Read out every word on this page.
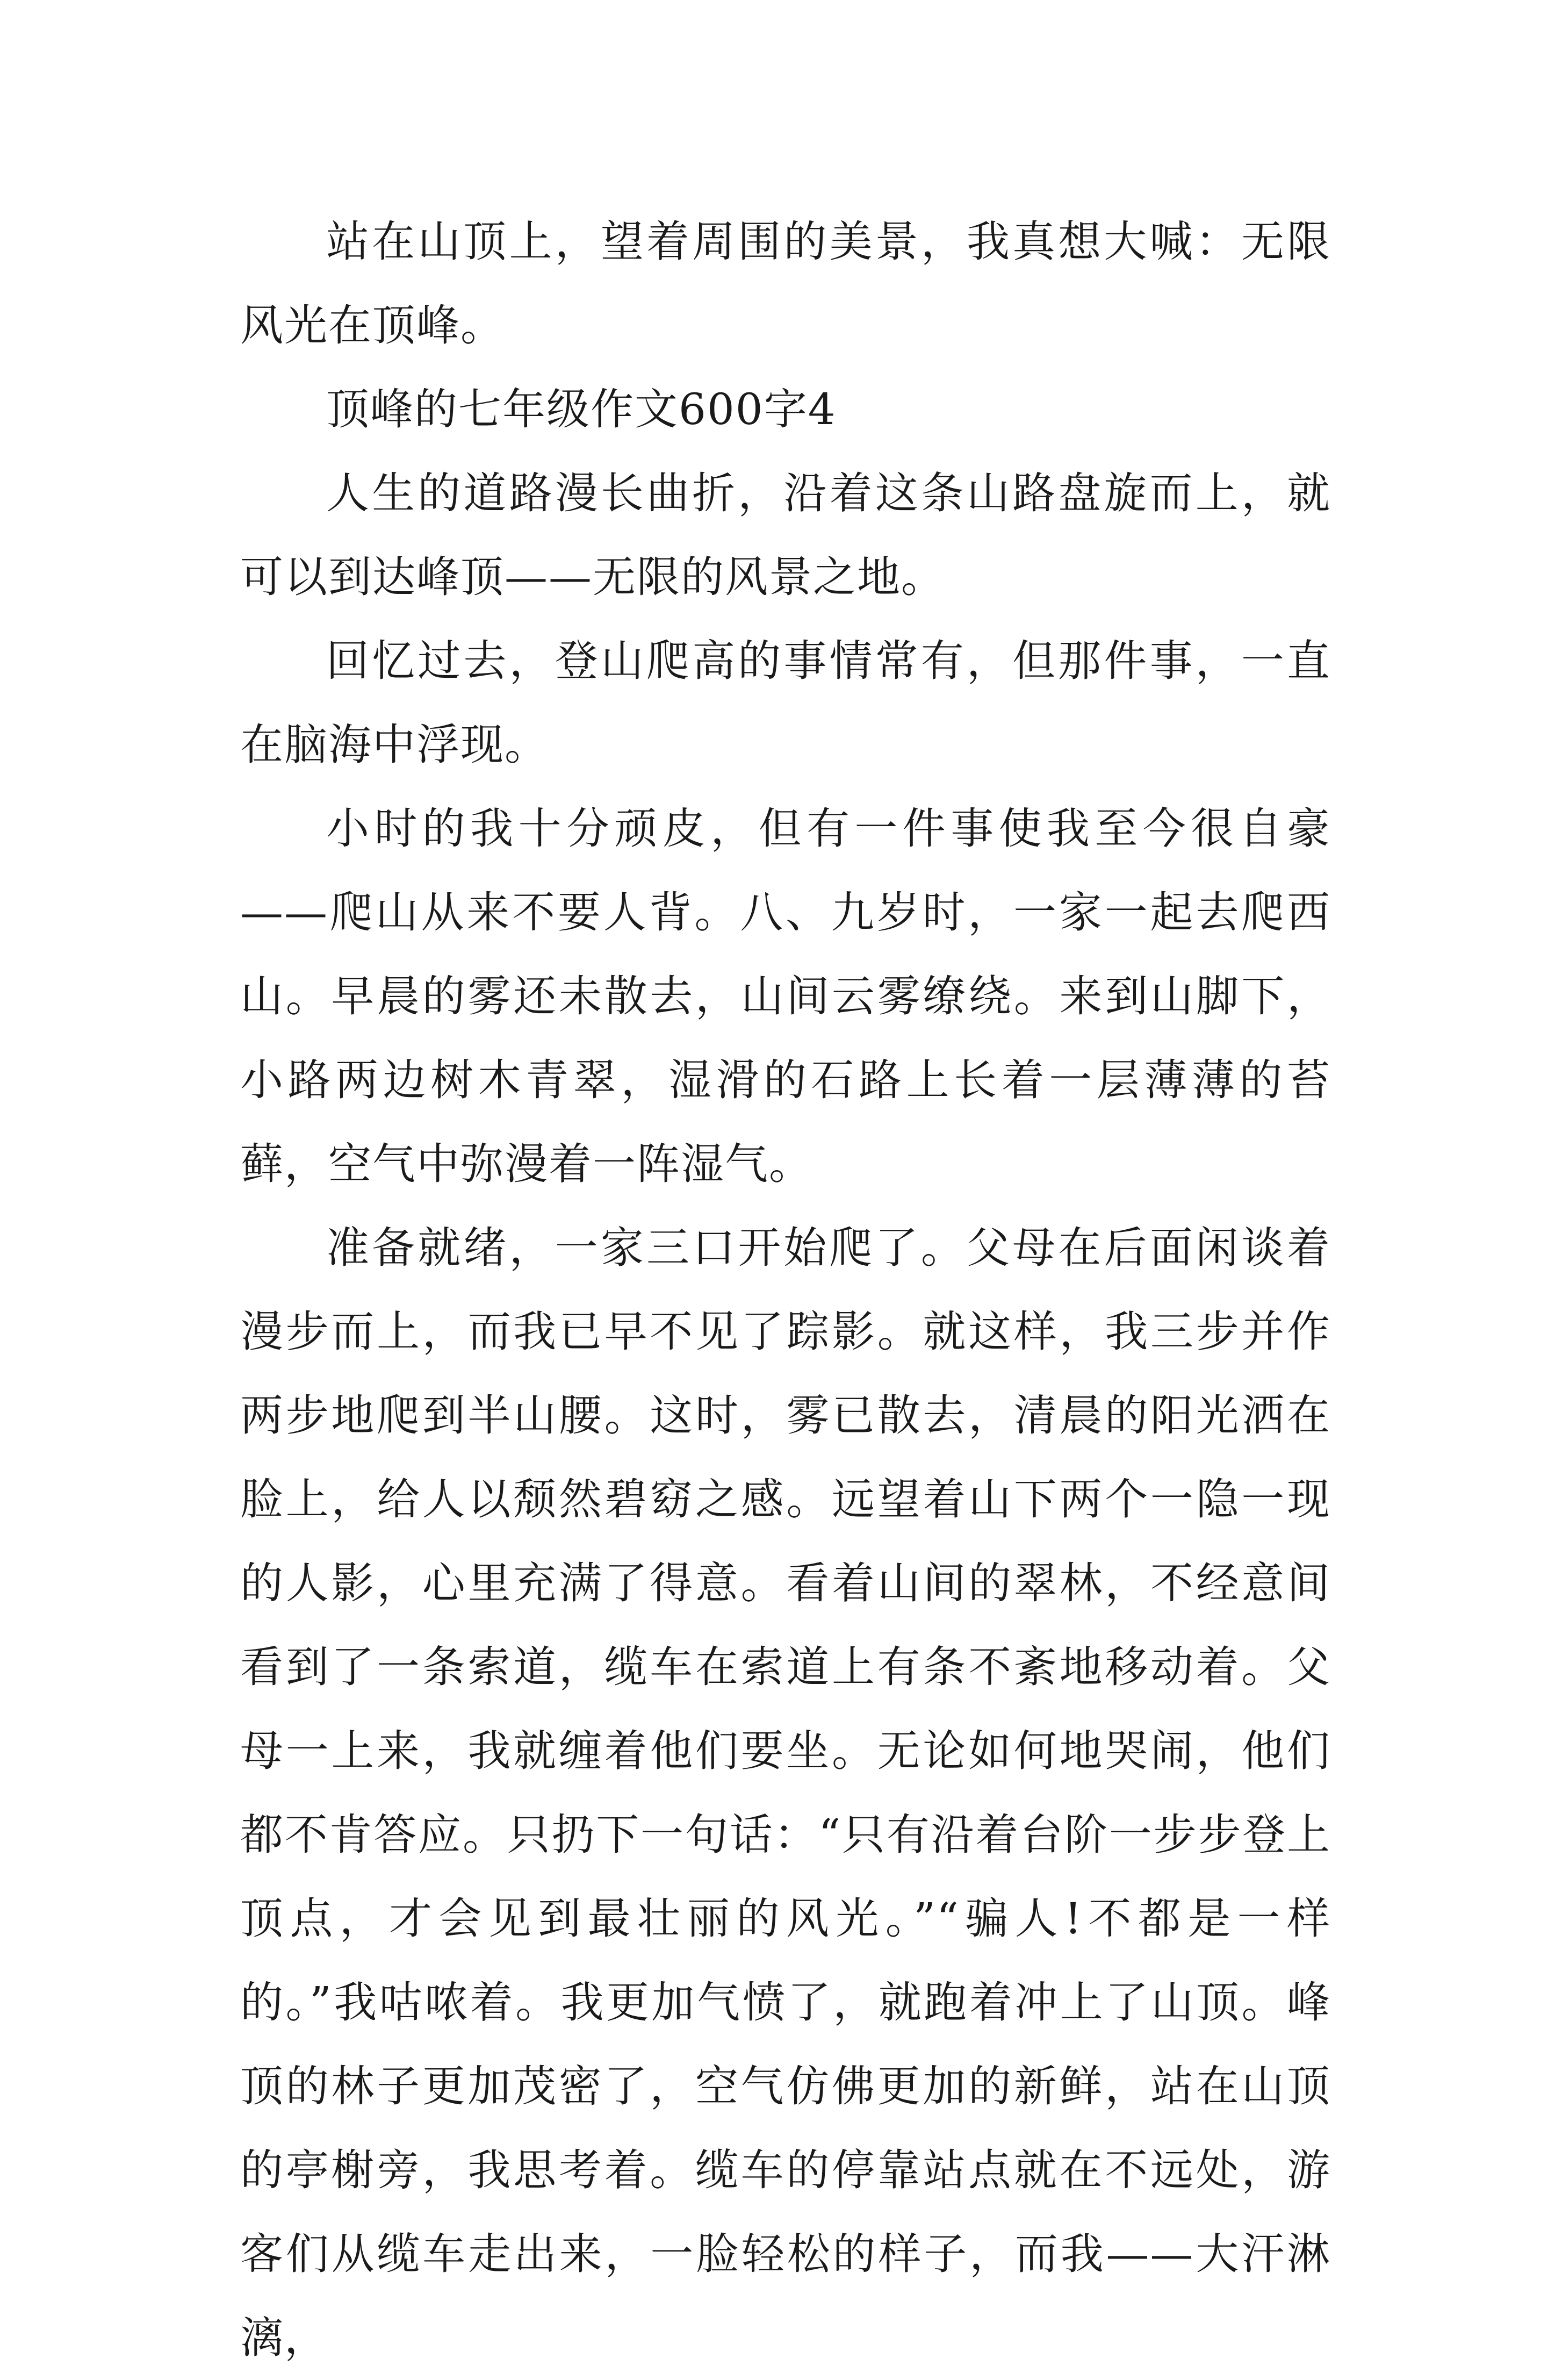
站在山顶上，望着周围的美景，我真想大喊：无限风光在顶峰。

顶峰的七年级作文600字4

人生的道路漫长曲折，沿着这条山路盘旋而上，就可以到达峰顶——无限的风景之地。

回忆过去，登山爬高的事情常有，但那件事，一直在脑海中浮现。

小时的我十分顽皮，但有一件事使我至今很自豪——爬山从来不要人背。八、九岁时，一家一起去爬西山。早晨的雾还未散去，山间云雾缭绕。来到山脚下，小路两边树木青翠，湿滑的石路上长着一层薄薄的苔藓，空气中弥漫着一阵湿气。

准备就绪，一家三口开始爬了。父母在后面闲谈着漫步而上，而我已早不见了踪影。就这样，我三步并作两步地爬到半山腰。这时，雾已散去，清晨的阳光洒在脸上，给人以颓然碧窈之感。远望着山下两个一隐一现的人影，心里充满了得意。看着山间的翠林，不经意间看到了一条索道，缆车在索道上有条不紊地移动着。父母一上来，我就缠着他们要坐。无论如何地哭闹，他们都不肯答应。只扔下一句话：“只有沿着台阶一步步登上顶点，才会见到最壮丽的风光。”“骗人!不都是一样的。”我咕哝着。我更加气愤了，就跑着冲上了山顶。峰顶的林子更加茂密了，空气仿佛更加的新鲜，站在山顶的亭榭旁，我思考着。缆车的停靠站点就在不远处，游客们从缆车走出来，一脸轻松的样子，而我——大汗淋漓，
